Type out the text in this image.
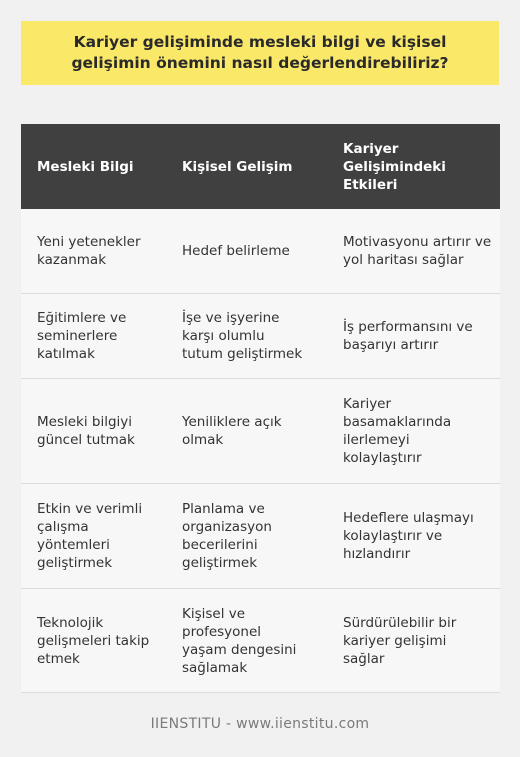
Kariyer gelişiminde mesleki bilgi ve kişisel gelişimin önemini nasıl değerlendirebiliriz?
Mesleki Bilgi	Kişisel Gelişim
Kariyer Gelişimindeki Etkileri
Yeni yetenekler kazanmak
Hedef belirleme
Motivasyonu artırır ve yol haritası sağlar
Eğitimlere ve seminerlere katılmak
İşe ve işyerine karşı olumlu tutum geliştirmek
İş performansını ve başarıyı artırır
Mesleki bilgiyi güncel tutmak
Yeniliklere açık olmak
Kariyer basamaklarında ilerlemeyi kolaylaştırır
Etkin ve verimli çalışma yöntemleri geliştirmek
Planlama ve organizasyon becerilerini geliştirmek
Hedeflere ulaşmayı kolaylaştırır ve hızlandırır
Teknolojik gelişmeleri takip etmek
Kişisel ve profesyonel yaşam dengesini sağlamak
Sürdürülebilir bir kariyer gelişimi sağlar
IIENSTITU - www.iienstitu.com
